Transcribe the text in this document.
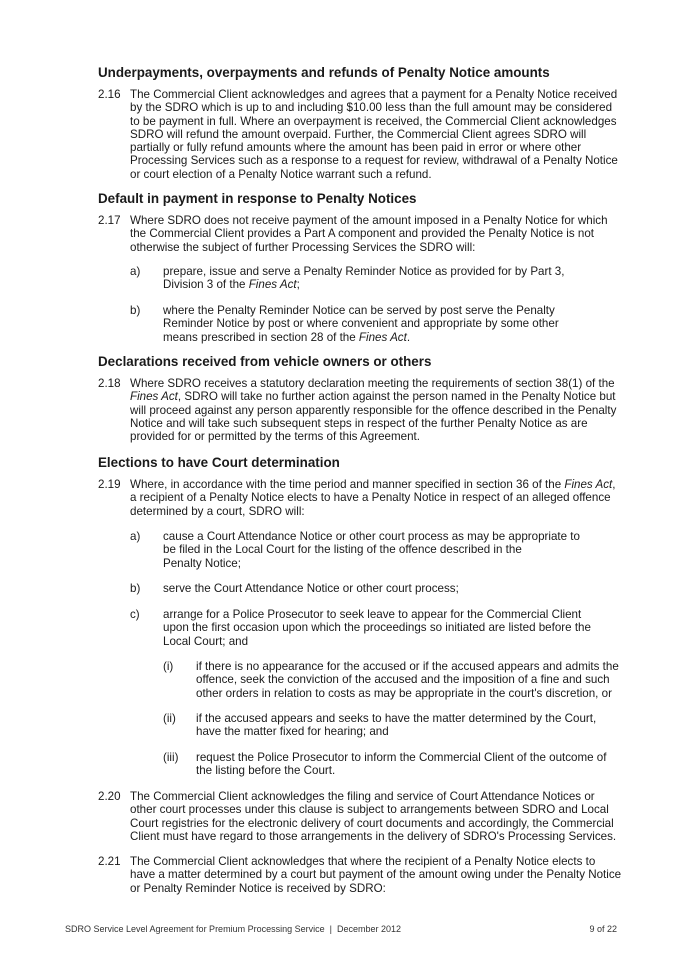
Underpayments, overpayments and refunds of Penalty Notice amounts
2.16 The Commercial Client acknowledges and agrees that a payment for a Penalty Notice received
by the SDRO which is up to and including $10.00 less than the full amount may be considered
to be payment in full. Where an overpayment is received, the Commercial Client acknowledges
SDRO will refund the amount overpaid. Further, the Commercial Client agrees SDRO will
partially or fully refund amounts where the amount has been paid in error or where other
Processing Services such as a response to a request for review, withdrawal of a Penalty Notice
or court election of a Penalty Notice warrant such a refund.
Default in payment in response to Penalty Notices
2.17 Where SDRO does not receive payment of the amount imposed in a Penalty Notice for which
the Commercial Client provides a Part A component and provided the Penalty Notice is not
otherwise the subject of further Processing Services the SDRO will:
a) prepare, issue and serve a Penalty Reminder Notice as provided for by Part 3,
Division 3 of the Fines Act;
b) where the Penalty Reminder Notice can be served by post serve the Penalty
Reminder Notice by post or where convenient and appropriate by some other
means prescribed in section 28 of the Fines Act.
Declarations received from vehicle owners or others
2.18 Where SDRO receives a statutory declaration meeting the requirements of section 38(1) of the
Fines Act, SDRO will take no further action against the person named in the Penalty Notice but
will proceed against any person apparently responsible for the offence described in the Penalty
Notice and will take such subsequent steps in respect of the further Penalty Notice as are
provided for or permitted by the terms of this Agreement.
Elections to have Court determination
2.19 Where, in accordance with the time period and manner specified in section 36 of the Fines Act,
a recipient of a Penalty Notice elects to have a Penalty Notice in respect of an alleged offence
determined by a court, SDRO will:
a) cause a Court Attendance Notice or other court process as may be appropriate to
be filed in the Local Court for the listing of the offence described in the
Penalty Notice;
b) serve the Court Attendance Notice or other court process;
c) arrange for a Police Prosecutor to seek leave to appear for the Commercial Client
upon the first occasion upon which the proceedings so initiated are listed before the
Local Court; and
(i) if there is no appearance for the accused or if the accused appears and admits the
offence, seek the conviction of the accused and the imposition of a fine and such
other orders in relation to costs as may be appropriate in the court's discretion, or
(ii) if the accused appears and seeks to have the matter determined by the Court,
have the matter fixed for hearing; and
(iii) request the Police Prosecutor to inform the Commercial Client of the outcome of
the listing before the Court.
2.20 The Commercial Client acknowledges the filing and service of Court Attendance Notices or
other court processes under this clause is subject to arrangements between SDRO and Local
Court registries for the electronic delivery of court documents and accordingly, the Commercial
Client must have regard to those arrangements in the delivery of SDRO's Processing Services.
2.21 The Commercial Client acknowledges that where the recipient of a Penalty Notice elects to
have a matter determined by a court but payment of the amount owing under the Penalty Notice
or Penalty Reminder Notice is received by SDRO:
SDRO Service Level Agreement for Premium Processing Service  |  December 2012	9 of 22
